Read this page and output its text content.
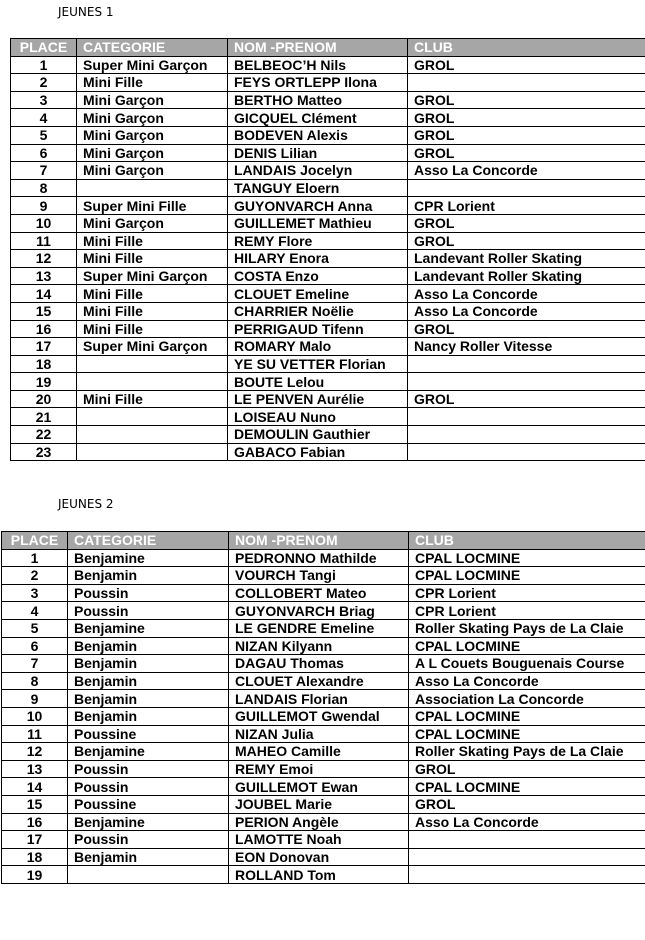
JEUNES 1
PLACE	CATEGORIE	NOM -PRENOM	CLUB
1	Super Mini Garçon	BELBEOC’H Nils	GROL
2	Mini Fille	FEYS ORTLEPP Ilona	
3	Mini Garçon	BERTHO Matteo	GROL
4	Mini Garçon	GICQUEL Clément	GROL
5	Mini Garçon	BODEVEN Alexis	GROL
6	Mini Garçon	DENIS Lilian	GROL
7	Mini Garçon	LANDAIS Jocelyn	Asso La Concorde
8		TANGUY Eloern	
9	Super Mini Fille	GUYONVARCH Anna	CPR Lorient
10	Mini Garçon	GUILLEMET Mathieu	GROL
11	Mini Fille	REMY Flore	GROL
12	Mini Fille	HILARY Enora	Landevant Roller Skating
13	Super Mini Garçon	COSTA Enzo	Landevant Roller Skating
14	Mini Fille	CLOUET Emeline	Asso La Concorde
15	Mini Fille	CHARRIER Noëlie	Asso La Concorde
16	Mini Fille	PERRIGAUD Tifenn	GROL
17	Super Mini Garçon	ROMARY Malo	Nancy Roller Vitesse
18		YE SU VETTER Florian	
19		BOUTE Lelou	
20	Mini Fille	LE PENVEN Aurélie	GROL
21		LOISEAU Nuno	
22		DEMOULIN Gauthier	
23		GABACO Fabian	
JEUNES 2
PLACE	CATEGORIE	NOM -PRENOM	CLUB
1	Benjamine	PEDRONNO Mathilde	CPAL LOCMINE
2	Benjamin	VOURCH Tangi	CPAL LOCMINE
3	Poussin	COLLOBERT Mateo	CPR Lorient
4	Poussin	GUYONVARCH Briag	CPR Lorient
5	Benjamine	LE GENDRE Emeline	Roller Skating Pays de La Claie
6	Benjamin	NIZAN Kilyann	CPAL LOCMINE
7	Benjamin	DAGAU Thomas	A L Couets Bouguenais Course
8	Benjamin	CLOUET Alexandre	Asso La Concorde
9	Benjamin	LANDAIS Florian	Association La Concorde
10	Benjamin	GUILLEMOT Gwendal	CPAL LOCMINE
11	Poussine	NIZAN Julia	CPAL LOCMINE
12	Benjamine	MAHEO Camille	Roller Skating Pays de La Claie
13	Poussin	REMY Emoi	GROL
14	Poussin	GUILLEMOT Ewan	CPAL LOCMINE
15	Poussine	JOUBEL Marie	GROL
16	Benjamine	PERION Angèle	Asso La Concorde
17	Poussin	LAMOTTE Noah	
18	Benjamin	EON Donovan	
19		ROLLAND Tom	
